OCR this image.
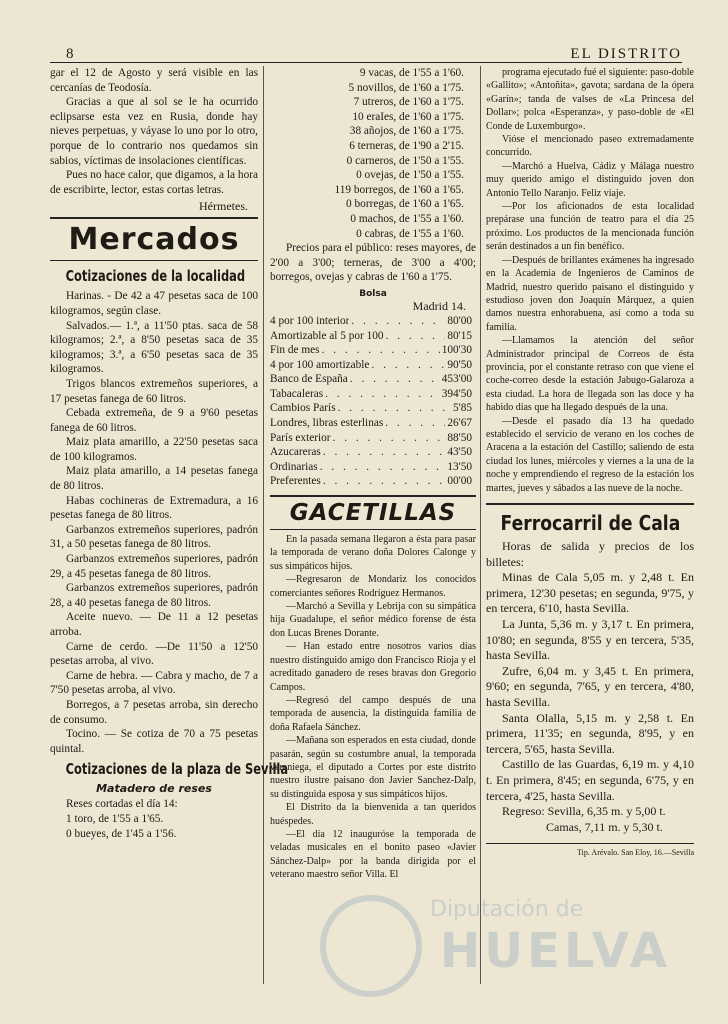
8	EL DISTRITO

gar el 12 de Agosto y será visible en las cercanías de Teodosía.

Gracias a que al sol se le ha ocurrido eclipsarse esta vez en Rusia, donde hay nieves perpetuas, y váyase lo uno por lo otro, porque de lo contrario nos quedamos sin sabios, víctimas de insolaciones científicas.

Pues no hace calor, que digamos, a la hora de escribirte, lector, estas cortas letras.

Hérmetes.
Mercados
Cotizaciones de la localidad

Harinas. - De 42 a 47 pesetas saca de 100 kilogramos, según clase.

Salvados.— 1.ª, a 11'50 ptas. saca de 58 kilogramos; 2.ª, a 8'50 pesetas saca de 35 kilogramos; 3.ª, a 6'50 pesetas saca de 35 kilogramos.

Trigos blancos extremeños superiores, a 17 pesetas fanega de 60 litros.

Cebada extremeña, de 9 a 9'60 pesetas fanega de 60 litros.

Maiz plata amarillo, a 22'50 pesetas saca de 100 kilogramos.

Maiz plata amarillo, a 14 pesetas fanega de 80 litros.

Habas cochineras de Extremadura, a 16 pesetas fanega de 80 litros.

Garbanzos extremeños superiores, padrón 31, a 50 pesetas fanega de 80 litros.

Garbanzos extremeños superiores, padrón 29, a 45 pesetas fanega de 80 litros.

Garbanzos extremeños superiores, padrón 28, a 40 pesetas fanega de 80 litros.

Aceite nuevo. — De 11 a 12 pesetas arroba.

Carne de cerdo. —De 11'50 a 12'50 pesetas arroba, al vivo.

Carne de hebra. — Cabra y macho, de 7 a 7'50 pesetas arroba, al vivo.

Borregos, a 7 pesetas arroba, sin derecho de consumo.

Tocino. — Se cotiza de 70 a 75 pesetas quintal.

Cotizaciones de la plaza de Sevilla
Matadero de reses

Reses cortadas el día 14:

1 toro, de 1'55 a 1'65.

0 bueyes, de 1'45 a 1'56.

9 vacas, de 1'55 a 1'60.

5 novillos, de 1'60 a 1'75.

7 utreros, de 1'60 a 1'75.

10 eraIes, de 1'60 a 1'75.

38 añojos, de 1'60 a 1'75.

6 terneras, de 1'90 a 2'15.

0 carneros, de 1'50 a 1'55.

0 ovejas, de 1'50 a 1'55.

119 borregos, de 1'60 a 1'65.

0 borregas, de 1'60 a 1'65.

0 machos, de 1'55 a 1'60.

0 cabras, de 1'55 a 1'60.

Precios para el público: reses mayores, de 2'00 a 3'00; terneras, de 3'00 a 4'00; borregos, ovejas y cabras de 1'60 a 1'75.

Bolsa
Madrid 14.
4 por 100 interior . . .	80'00
Amortizable al 5 por 100 . . .	80'15
Fin de mes . . .	100'30
4 por 100 amortizable . . .	90'50
Banco de España . . .	453'00
Tabacaleras . . .	394'50
Cambios París . . .	5'85
Londres, libras esterlinas . . .	26'67
París exterior . . .	88'50
Azucareras . . .	43'50
Ordinarias . . .	13'50
Preferentes . . .	00'00
GACETILLAS

En la pasada semana llegaron a ésta para pasar la temporada de verano doña Dolores Calonge y sus simpáticos hijos.

—Regresaron de Mondariz los conocidos comerciantes señores Rodríguez Hermanos.

—Marchó a Sevilla y Lebrija con su simpática hija Guadalupe, el señor médico forense de ésta don Lucas Brenes Dorante.

— Han estado entre nosotros varios días nuestro distinguido amigo don Francisco Rioja y el acreditado ganadero de reses bravas don Gregorio Campos.

—Regresó del campo después de una temporada de ausencia, la distinguida familia de doña Rafaela Sánchez.

—Mañana son esperados en esta ciudad, donde pasarán, según su costumbre anual, la temporada veraniega, el diputado a Cortes por este distrito nuestro ilustre paisano don Javier Sanchez-Dalp, su distinguida esposa y sus simpáticos hijos.

El Distrito da la bienvenida a tan queridos huéspedes.

—El día 12 inauguróse la temporada de veladas musicales en el bonito paseo «Javier Sánchez-Dalp» por la banda dirigida por el veterano maestro señor Villa. El

programa ejecutado fué el siguiente: paso-doble «Gallito»; «Antoñita», gavota; sardana de la ópera «Garín»; tanda de valses de «La Princesa del Dollar»; polca «Esperanza», y paso-doble de «El Conde de Luxemburgo».

Vióse el mencionado paseo extremadamente concurrido.

—Marchó a Huelva, Cádiz y Málaga nuestro muy querido amigo el distinguido joven don Antonio Tello Naranjo. Feliz viaje.

—Por los aficionados de esta localidad prepárase una función de teatro para el día 25 próximo. Los productos de la mencionada función serán destinados a un fin benéfico.

—Después de brillantes exámenes ha ingresado en la Academia de Ingenieros de Caminos de Madrid, nuestro querido paisano el distinguido y estudioso joven don Joaquín Márquez, a quien damos nuestra enhorabuena, así como a toda su familia.

—Llamamos la atención del señor Administrador principal de Correos de ésta provincia, por el constante retraso con que viene el coche-correo desde la estación Jabugo-Galaroza a esta ciudad. La hora de llegada son las doce y ha habido días que ha llegado después de la una.

—Desde el pasado día 13 ha quedado establecido el servicio de verano en los coches de Aracena a la estación del Castillo; saliendo de esta ciudad los lunes, miércoles y viernes a la una de la noche y emprendiendo el regreso de la estación los martes, jueves y sábados a las nueve de la noche.

Ferrocarril de Cala

Horas de salida y precios de los billetes:

Minas de Cala 5,05 m. y 2,48 t. En primera, 12'30 pesetas; en segunda, 9'75, y en tercera, 6'10, hasta Sevilla.

La Junta, 5,36 m. y 3,17 t. En primera, 10'80; en segunda, 8'55 y en tercera, 5'35, hasta Sevilla.

Zufre, 6,04 m. y 3,45 t. En primera, 9'60; en segunda, 7'65, y en tercera, 4'80, hasta Sevilla.

Santa Olalla, 5,15 m. y 2,58 t. En primera, 11'35; en segunda, 8'95, y en tercera, 5'65, hasta Sevilla.

Castillo de las Guardas, 6,19 m. y 4,10 t. En primera, 8'45; en segunda, 6'75, y en tercera, 4'25, hasta Sevilla.

Regreso: Sevilla, 6,35 m. y 5,00 t.

Camas, 7,11 m. y 5,30 t.

Tip. Arévalo. San Eloy, 16.—Sevilla
Diputación de
HUELVA
